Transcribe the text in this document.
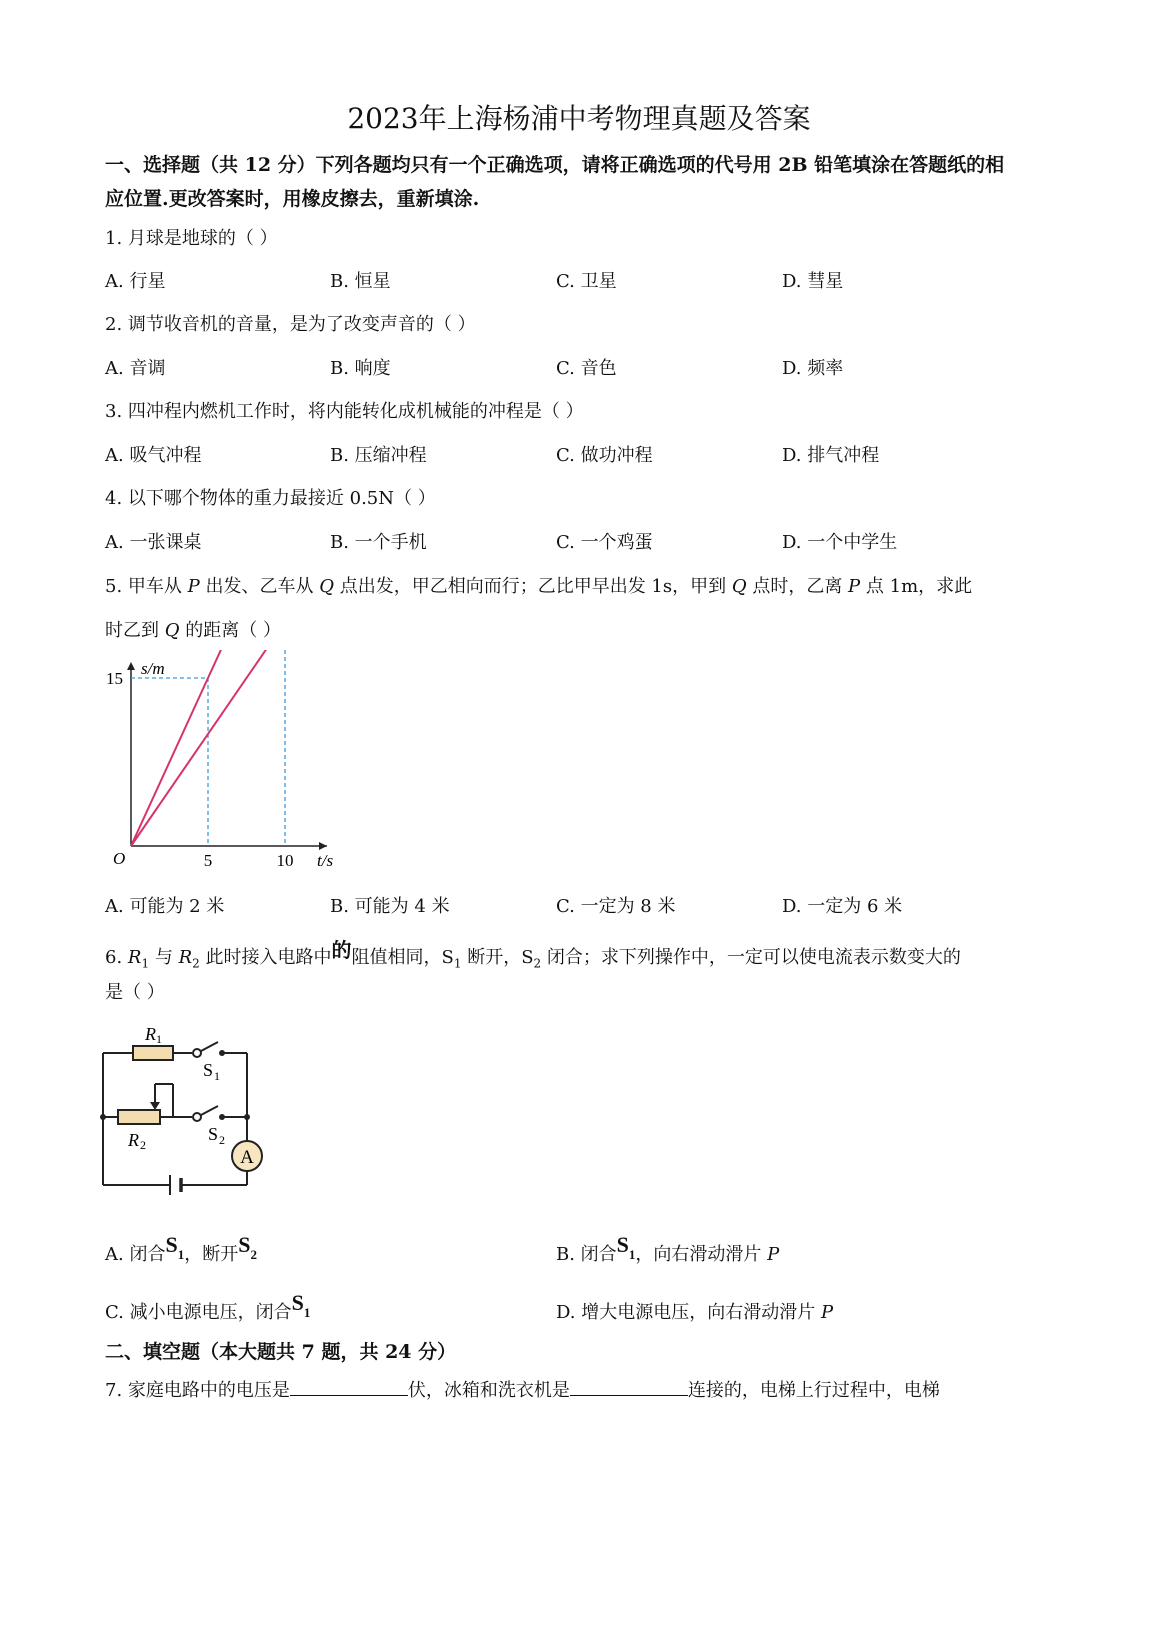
2023年上海杨浦中考物理真题及答案
一、选择题（共 12 分）下列各题均只有一个正确选项，请将正确选项的代号用 2B 铅笔填涂在答题纸的相
应位置.更改答案时，用橡皮擦去，重新填涂.
1. 月球是地球的（ ）
A. 行星	B. 恒星	C. 卫星	D. 彗星
2. 调节收音机的音量，是为了改变声音的（ ）
A. 音调	B. 响度	C. 音色	D. 频率
3. 四冲程内燃机工作时，将内能转化成机械能的冲程是（ ）
A. 吸气冲程	B. 压缩冲程	C. 做功冲程	D. 排气冲程
4. 以下哪个物体的重力最接近 0.5N（ ）
A. 一张课桌	B. 一个手机	C. 一个鸡蛋	D. 一个中学生
5. 甲车从 P 出发、乙车从 Q 点出发，甲乙相向而行；乙比甲早出发 1s，甲到 Q 点时，乙离 P 点 1m，求此
时乙到 Q 的距离（ ）
5	10
15
O	t/s
s/m
A. 可能为 2 米	B. 可能为 4 米	C. 一定为 8 米	D. 一定为 6 米
6. $R_1$ 与 $R_2$ 此时接入电路中的阻值相同，$S_1$ 断开，$S_2$ 闭合；求下列操作中，一定可以使电流表示数变大的
是（ ）
A
R 1
R 2
S 1
S 2
A. 闭合$S_1$，断开$S_2$	B. 闭合$S_1$，向右滑动滑片 P
C. 减小电源电压，闭合$S_1$	D. 增大电源电压，向右滑动滑片 P
二、填空题（本大题共 7 题，共 24 分）
7. 家庭电路中的电压是	伏，冰箱和洗衣机是	连接的，电梯上行过程中，电梯
